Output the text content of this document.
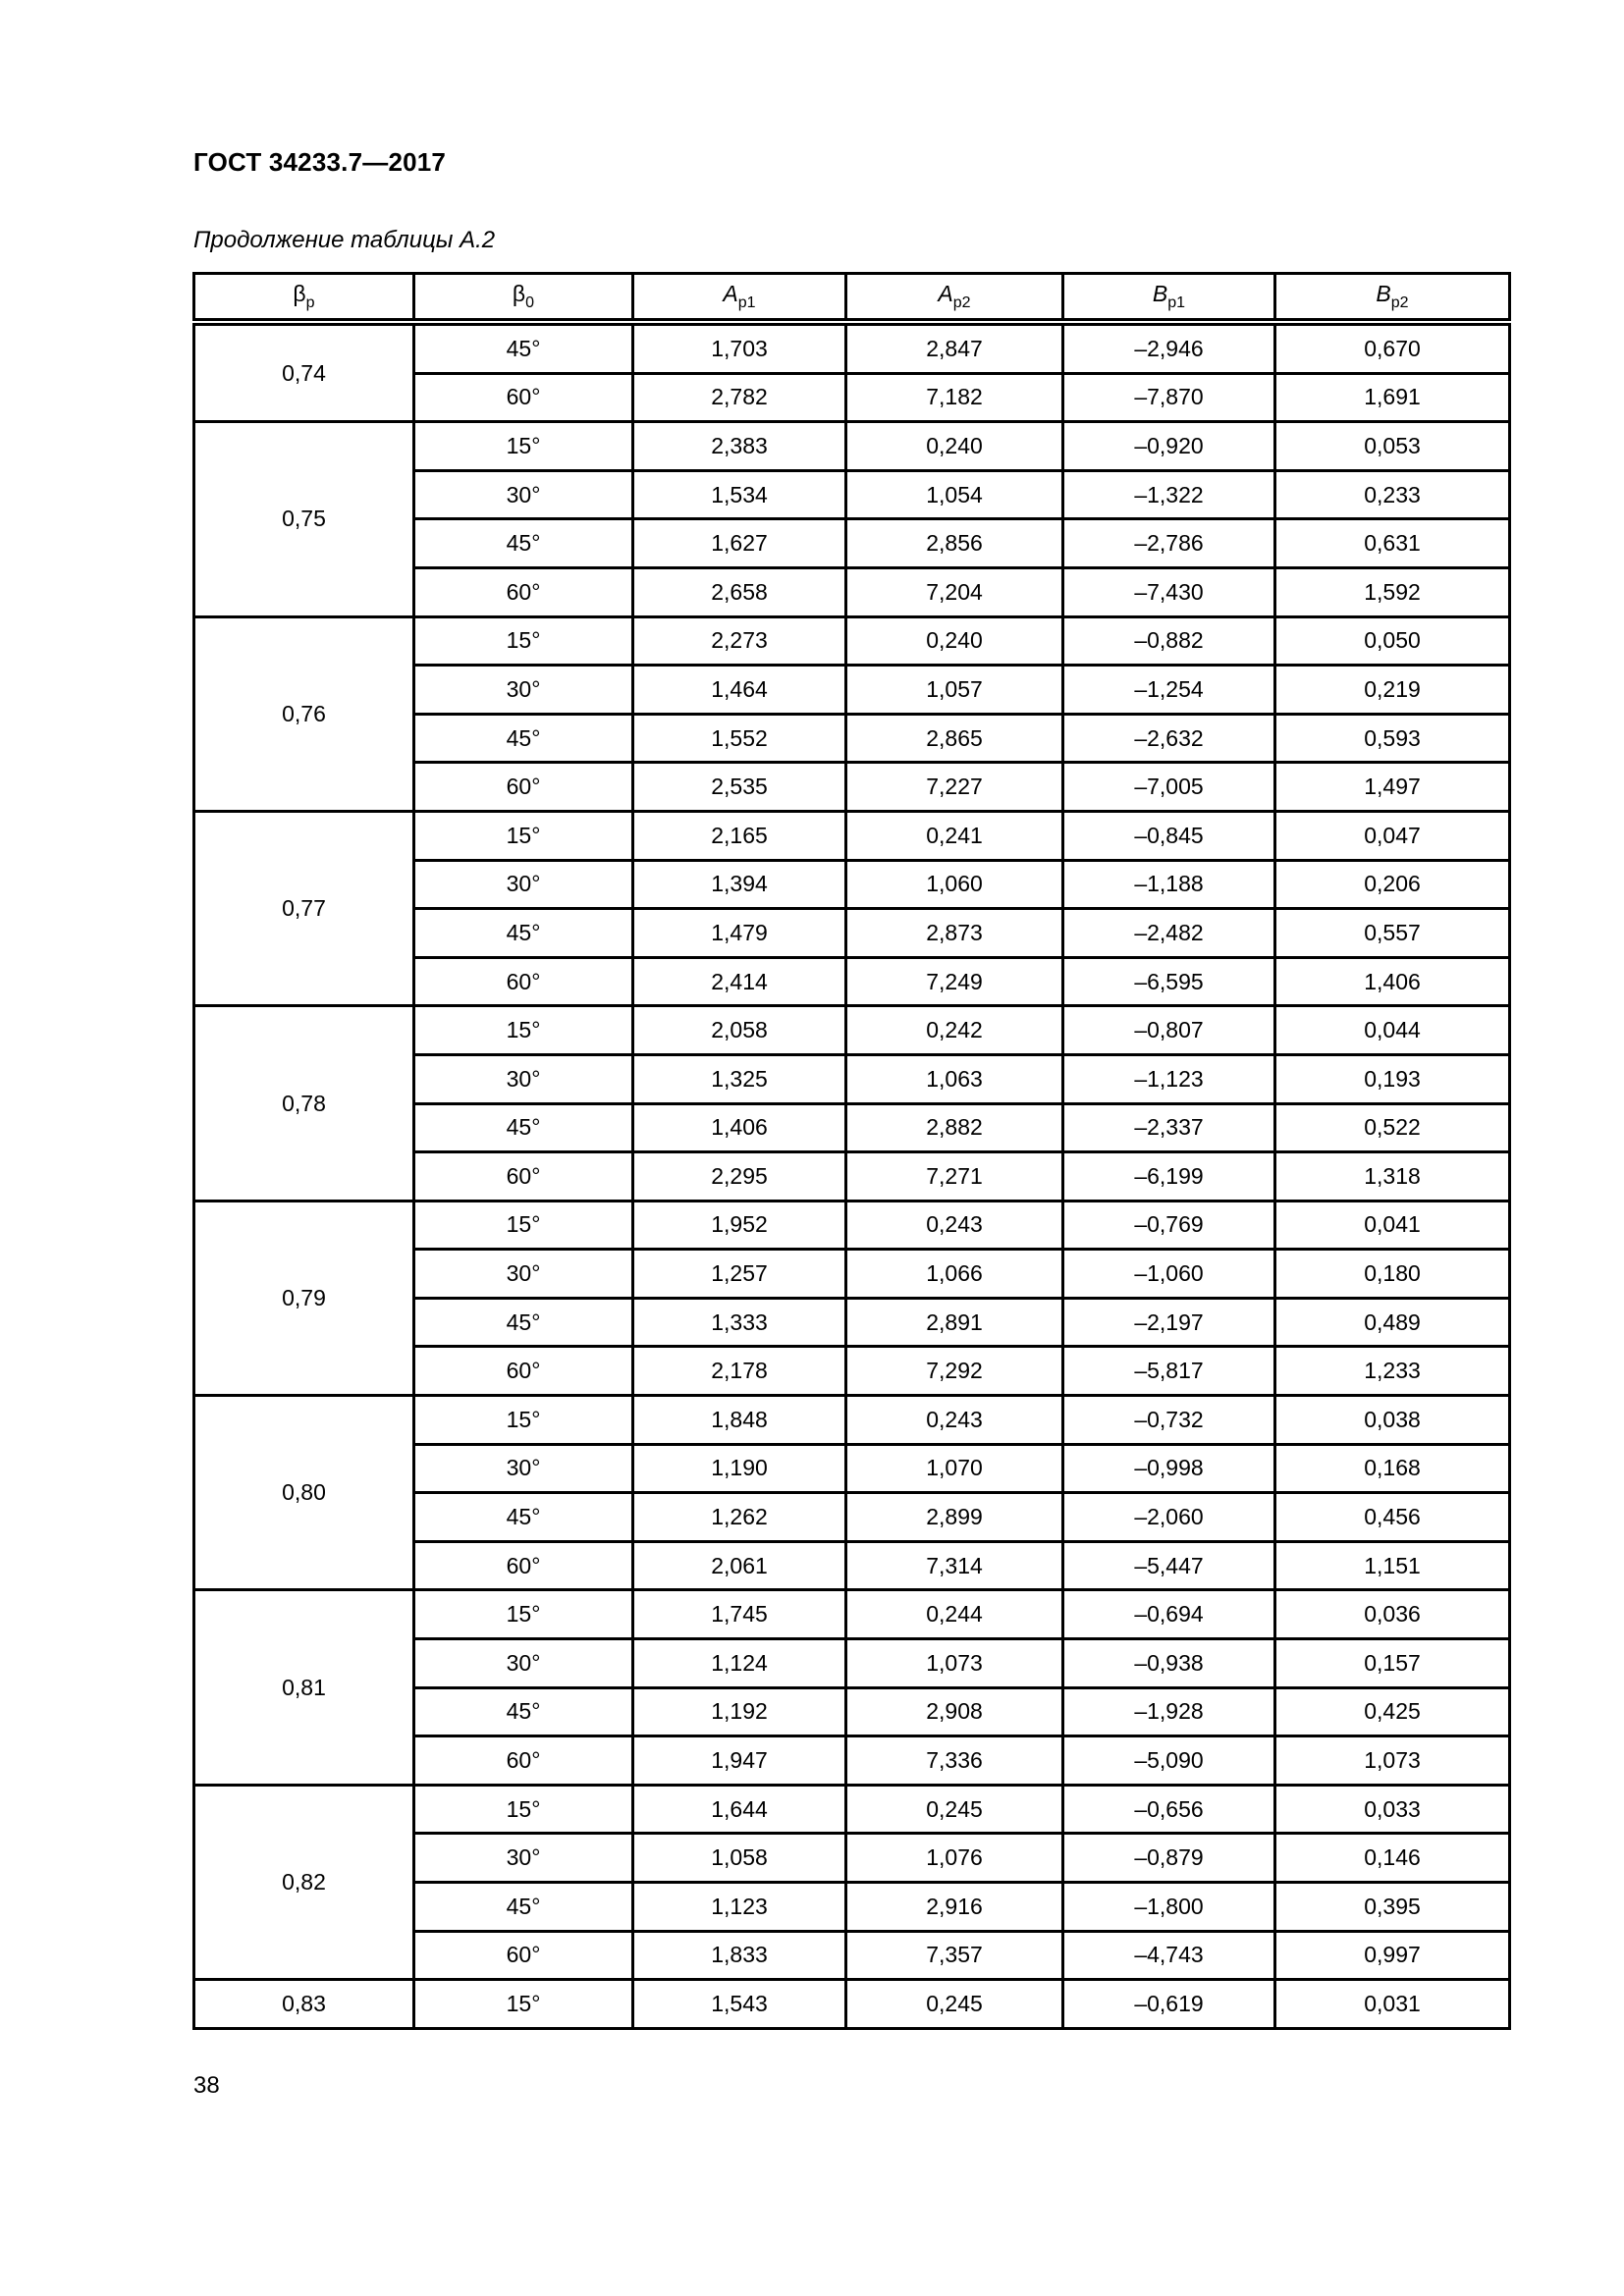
ГОСТ 34233.7—2017
Продолжение таблицы А.2
$\beta_p$	$\beta_0$	$A_{p1}$	$A_{p2}$	$B_{p1}$	$B_{p2}$
0,74	45°	1,703	2,847	–2,946	0,670
	60°	2,782	7,182	–7,870	1,691
0,75	15°	2,383	0,240	–0,920	0,053
	30°	1,534	1,054	–1,322	0,233
	45°	1,627	2,856	–2,786	0,631
	60°	2,658	7,204	–7,430	1,592
0,76	15°	2,273	0,240	–0,882	0,050
	30°	1,464	1,057	–1,254	0,219
	45°	1,552	2,865	–2,632	0,593
	60°	2,535	7,227	–7,005	1,497
0,77	15°	2,165	0,241	–0,845	0,047
	30°	1,394	1,060	–1,188	0,206
	45°	1,479	2,873	–2,482	0,557
	60°	2,414	7,249	–6,595	1,406
0,78	15°	2,058	0,242	–0,807	0,044
	30°	1,325	1,063	–1,123	0,193
	45°	1,406	2,882	–2,337	0,522
	60°	2,295	7,271	–6,199	1,318
0,79	15°	1,952	0,243	–0,769	0,041
	30°	1,257	1,066	–1,060	0,180
	45°	1,333	2,891	–2,197	0,489
	60°	2,178	7,292	–5,817	1,233
0,80	15°	1,848	0,243	–0,732	0,038
	30°	1,190	1,070	–0,998	0,168
	45°	1,262	2,899	–2,060	0,456
	60°	2,061	7,314	–5,447	1,151
0,81	15°	1,745	0,244	–0,694	0,036
	30°	1,124	1,073	–0,938	0,157
	45°	1,192	2,908	–1,928	0,425
	60°	1,947	7,336	–5,090	1,073
0,82	15°	1,644	0,245	–0,656	0,033
	30°	1,058	1,076	–0,879	0,146
	45°	1,123	2,916	–1,800	0,395
	60°	1,833	7,357	–4,743	0,997
0,83	15°	1,543	0,245	–0,619	0,031
38
